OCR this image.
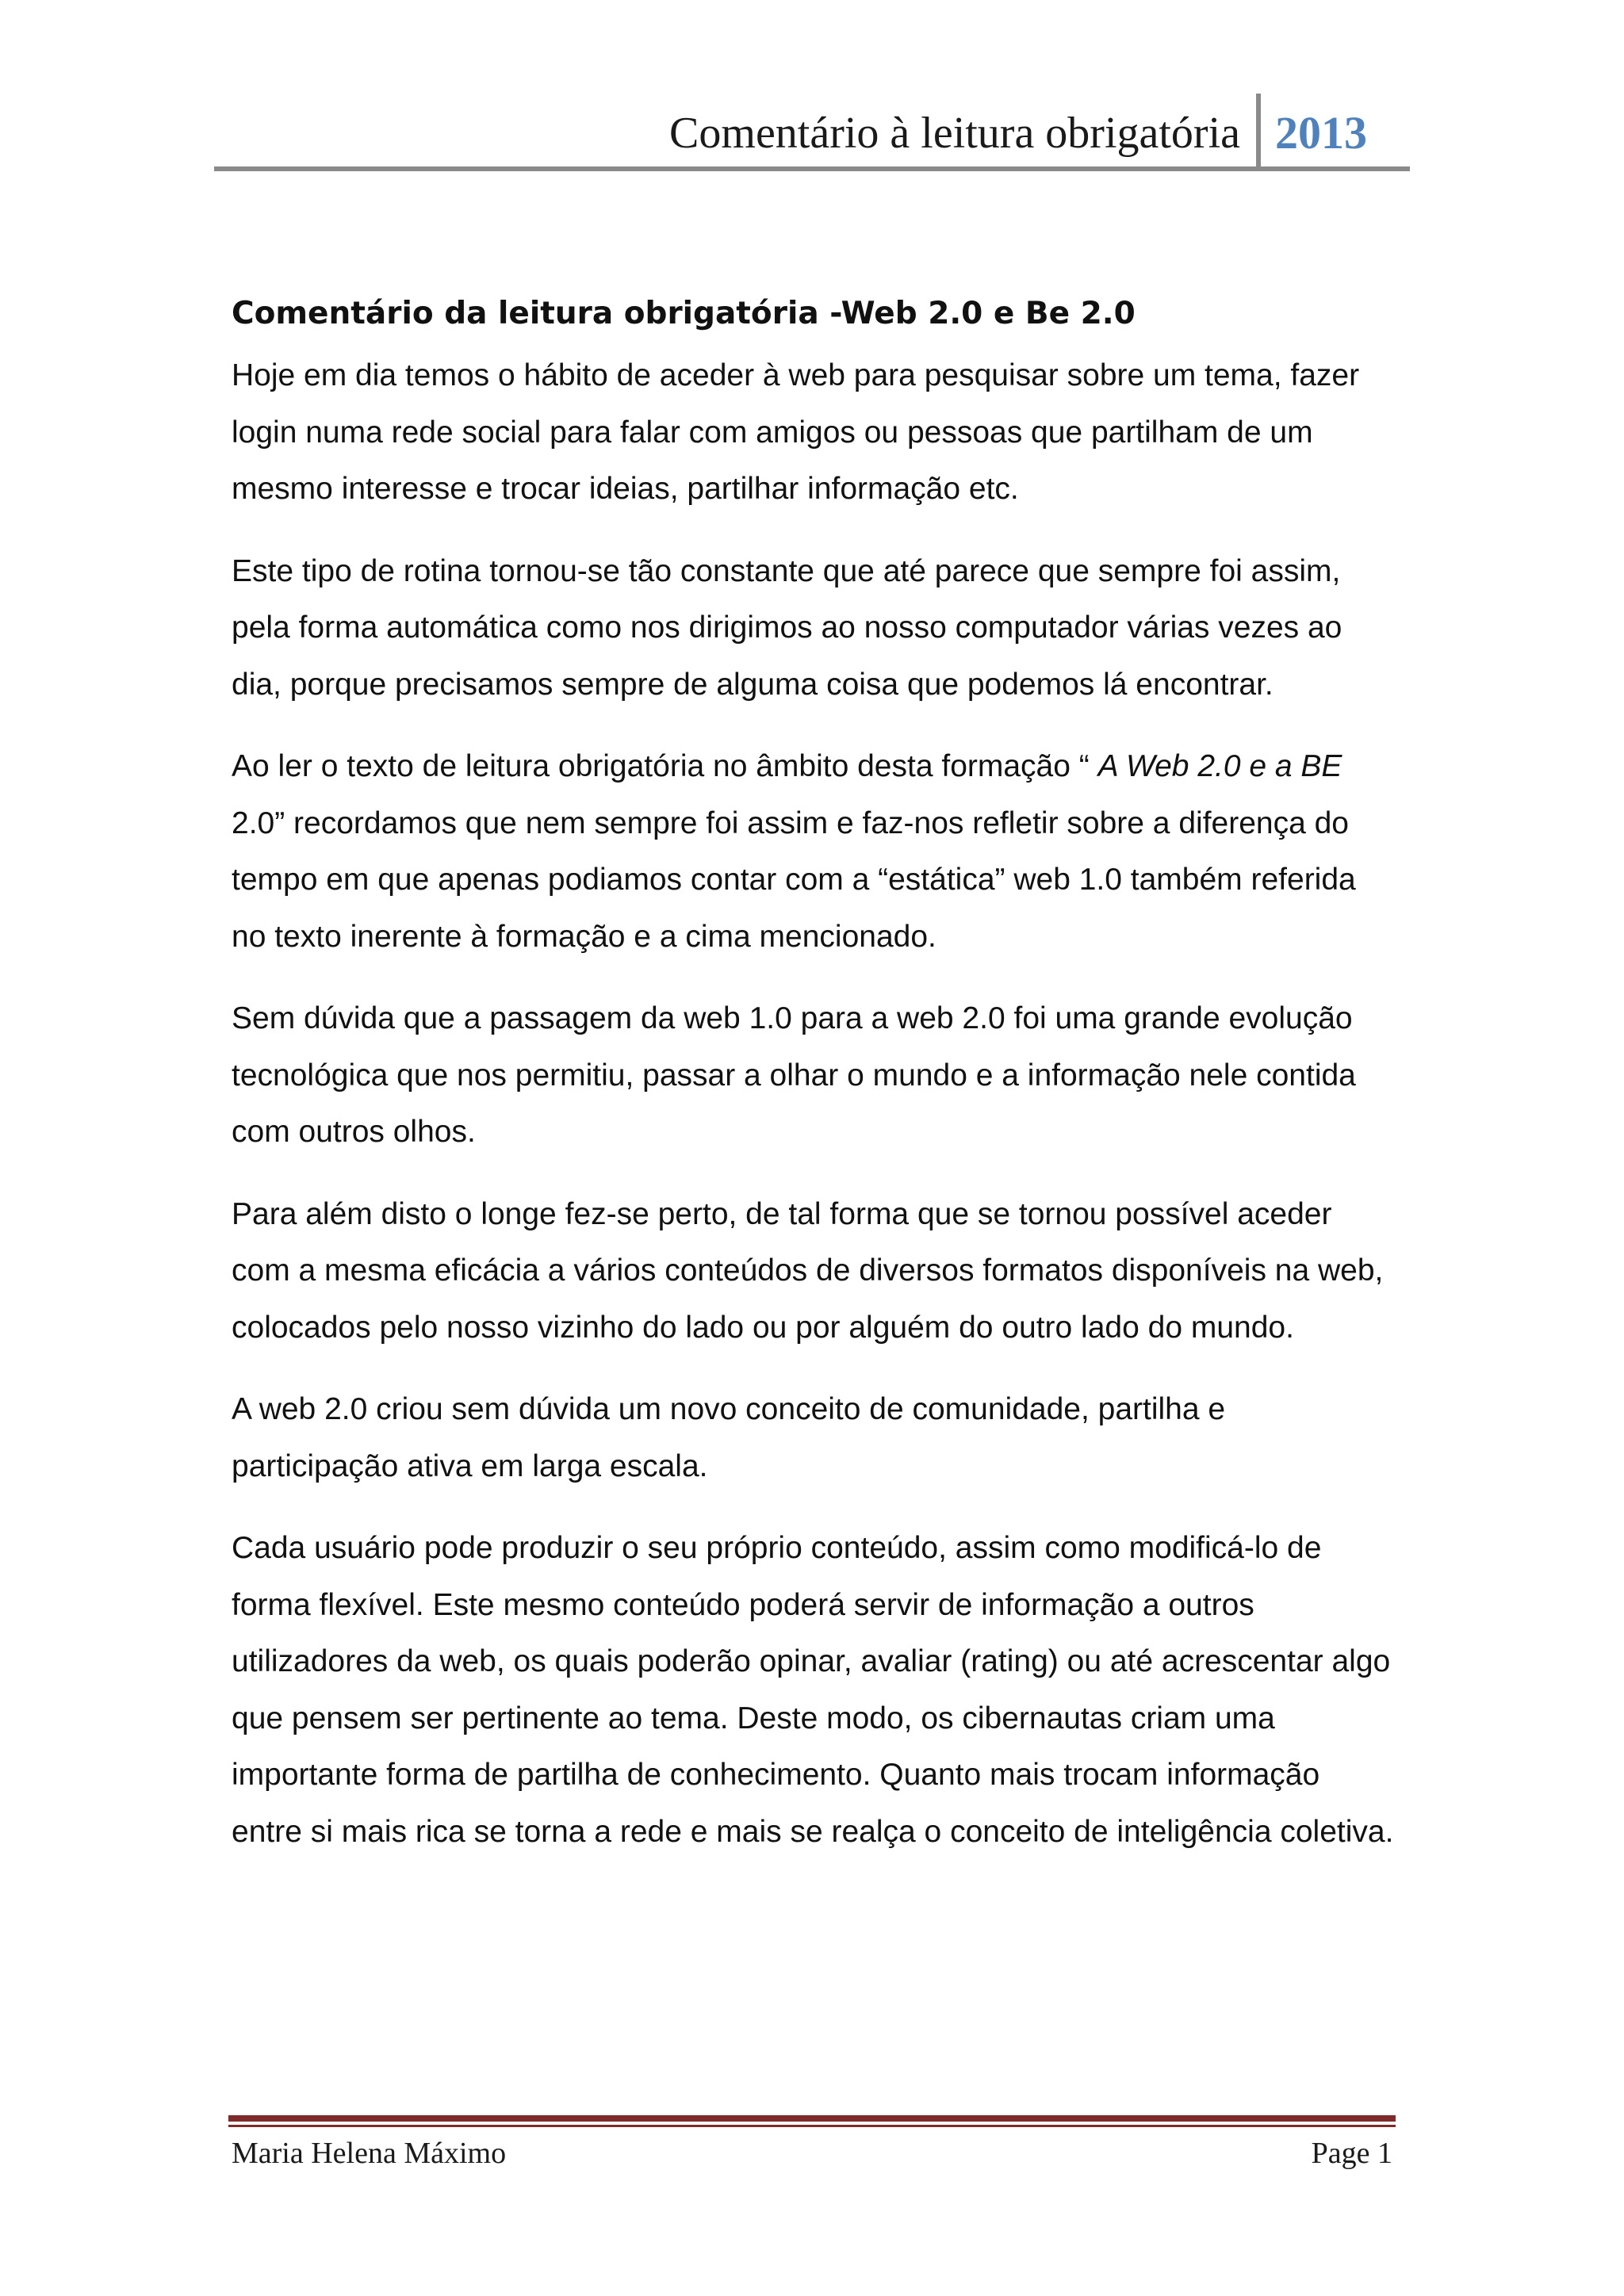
Comentário à leitura obrigatória 2013
Comentário da leitura obrigatória -Web 2.0 e Be 2.0

Hoje em dia temos o hábito de aceder à web para pesquisar sobre um tema, fazer login numa rede social para falar com amigos ou pessoas que partilham de um mesmo interesse e trocar ideias, partilhar informação etc.

Este tipo de rotina tornou-se tão constante que até parece que sempre foi assim, pela forma automática como nos dirigimos ao nosso computador várias vezes ao dia, porque precisamos sempre de alguma coisa que podemos lá encontrar.

Ao ler o texto de leitura obrigatória no âmbito desta formação “ A Web 2.0 e a BE 2.0” recordamos que nem sempre foi assim e faz-nos refletir sobre a diferença do tempo em que apenas podiamos contar com a “estática” web 1.0 também referida no texto inerente à formação e a cima mencionado.

Sem dúvida que a passagem da web 1.0 para a web 2.0 foi uma grande evolução tecnológica que nos permitiu, passar a olhar o mundo e a informação nele contida com outros olhos.

Para além disto o longe fez-se perto, de tal forma que se tornou possível aceder com a mesma eficácia a vários conteúdos de diversos formatos disponíveis na web, colocados pelo nosso vizinho do lado ou por alguém do outro lado do mundo.

A web 2.0 criou sem dúvida um novo conceito de comunidade, partilha e participação ativa em larga escala.

Cada usuário pode produzir o seu próprio conteúdo, assim como modificá-lo de forma flexível. Este mesmo conteúdo poderá servir de informação a outros utilizadores da web, os quais poderão opinar, avaliar (rating) ou até acrescentar algo que pensem ser pertinente ao tema. Deste modo, os cibernautas criam uma importante forma de partilha de conhecimento. Quanto mais trocam informação entre si mais rica se torna a rede e mais se realça o conceito de inteligência coletiva.

Maria Helena Máximo	Page 1
